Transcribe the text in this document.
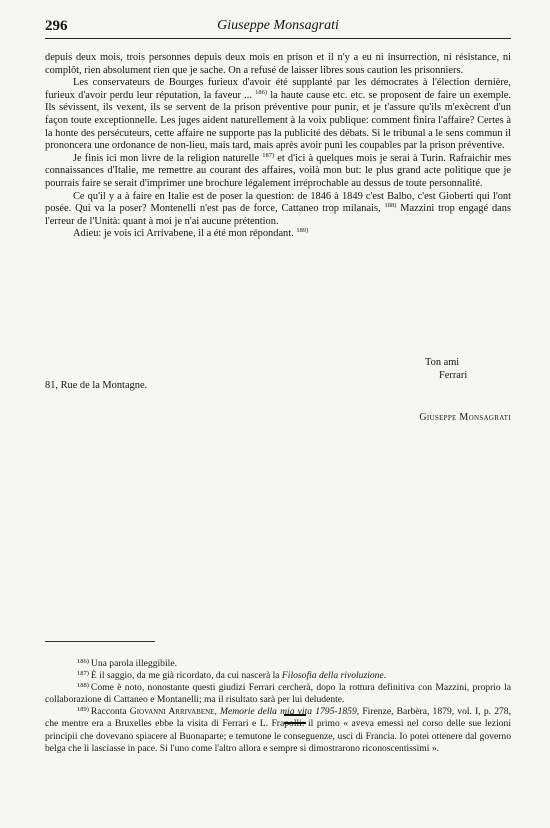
296	Giuseppe Monsagrati

depuis deux mois, trois personnes depuis deux mois en prison et il n'y a eu ni insurrection, ni résistance, ni complôt, rien absolument rien que je sache. On a refusé de laisser libres sous caution les prisonniers.

Les conservateurs de Bourges furieux d'avoir été supplanté par les démocrates à l'élection dernière, furieux d'avoir perdu leur réputation, la faveur ... $^{186)}$ la haute cause etc. etc. se proposent de faire un exemple. Ils sévissent, ils vexent, ils se servent de la prison préventive pour punir, et je t'assure qu'ils m'exècrent d'un façon toute exceptionnelle. Les juges aident naturellement à la voix publique: comment finira l'affaire? Certes à la honte des persécuteurs, cette affaire ne supporte pas la publicité des débats. Si le tribunal a le sens commun il prononcera une ordonance de non-lieu, mais tard, mais après avoir puni les coupables par la prison préventive.

Je finis ici mon livre de la religion naturelle $^{187)}$ et d'ici à quelques mois je serai à Turin. Rafraichir mes connaissances d'Italie, me remettre au courant des affaires, voilà mon but: le plus grand acte politique que je pourrais faire se serait d'imprimer une brochure légalement irréprochable au dessus de toute personnalité.

Ce qu'il y a à faire en Italie est de poser la question: de 1846 à 1849 c'est Balbo, c'est Gioberti qui l'ont posée. Qui va la poser? Montenelli n'est pas de force, Cattaneo trop milanais, $^{188)}$ Mazzini trop engagé dans l'erreur de l'Unità: quant à moi je n'ai aucune prétention.

Adieu: je vois ici Arrivabene, il a été mon répondant. $^{189)}$

Ton ami
Ferrari
81, Rue de la Montagne.
Giuseppe Monsagrati

$^{186)}$ Una parola illeggibile.

$^{187)}$ È il saggio, da me già ricordato, da cui nascerà la Filosofia della rivoluzione.

$^{188)}$ Come è noto, nonostante questi giudizi Ferrari cercherà, dopo la rottura definitiva con Mazzini, proprio la collaborazione di Cattaneo e Montanelli; ma il risultato sarà per lui deludente.

$^{189)}$ Racconta Giovanni Arrivabene, Memorie della mia vita 1795-1859, Firenze, Barbèra, 1879, vol. I, p. 278, che mentre era a Bruxelles ebbe la visita di Ferrari e L. Frapolli: il primo « aveva emessi nel corso delle sue lezioni principii che dovevano spiacere al Buonaparte; e temutone le conseguenze, uscì di Francia. Io potei ottenere dal governo belga che li lasciasse in pace. Si l'uno come l'altro allora e sempre si dimostrarono riconoscentissimi ».
